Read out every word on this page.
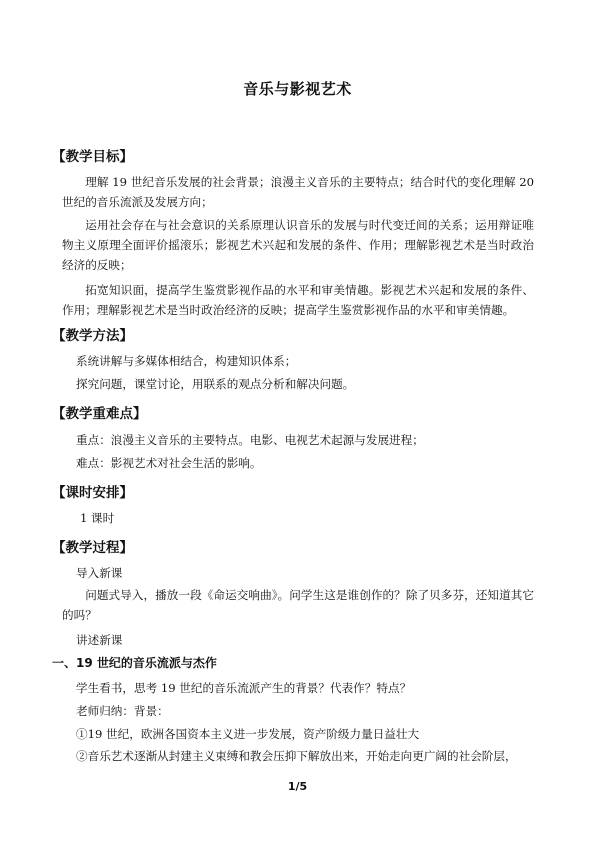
音乐与影视艺术
【教学目标】
理解 19 世纪音乐发展的社会背景；浪漫主义音乐的主要特点；结合时代的变化理解 20 世纪的音乐流派及发展方向；
运用社会存在与社会意识的关系原理认识音乐的发展与时代变迁间的关系；运用辩证唯物主义原理全面评价摇滚乐；影视艺术兴起和发展的条件、作用；理解影视艺术是当时政治经济的反映；
拓宽知识面，提高学生鉴赏影视作品的水平和审美情趣。影视艺术兴起和发展的条件、作用；理解影视艺术是当时政治经济的反映；提高学生鉴赏影视作品的水平和审美情趣。
【教学方法】
系统讲解与多媒体相结合，构建知识体系；
探究问题，课堂讨论，用联系的观点分析和解决问题。
【教学重难点】
重点：浪漫主义音乐的主要特点。电影、电视艺术起源与发展进程；
难点：影视艺术对社会生活的影响。
【课时安排】
1 课时
【教学过程】
导入新课
问题式导入，播放一段《命运交响曲》。问学生这是谁创作的？除了贝多芬，还知道其它的吗？
讲述新课
一、19 世纪的音乐流派与杰作
学生看书，思考 19 世纪的音乐流派产生的背景？代表作？特点？
老师归纳：背景：
①19 世纪，欧洲各国资本主义进一步发展，资产阶级力量日益壮大
②音乐艺术逐渐从封建主义束缚和教会压抑下解放出来，开始走向更广阔的社会阶层，
1/5
